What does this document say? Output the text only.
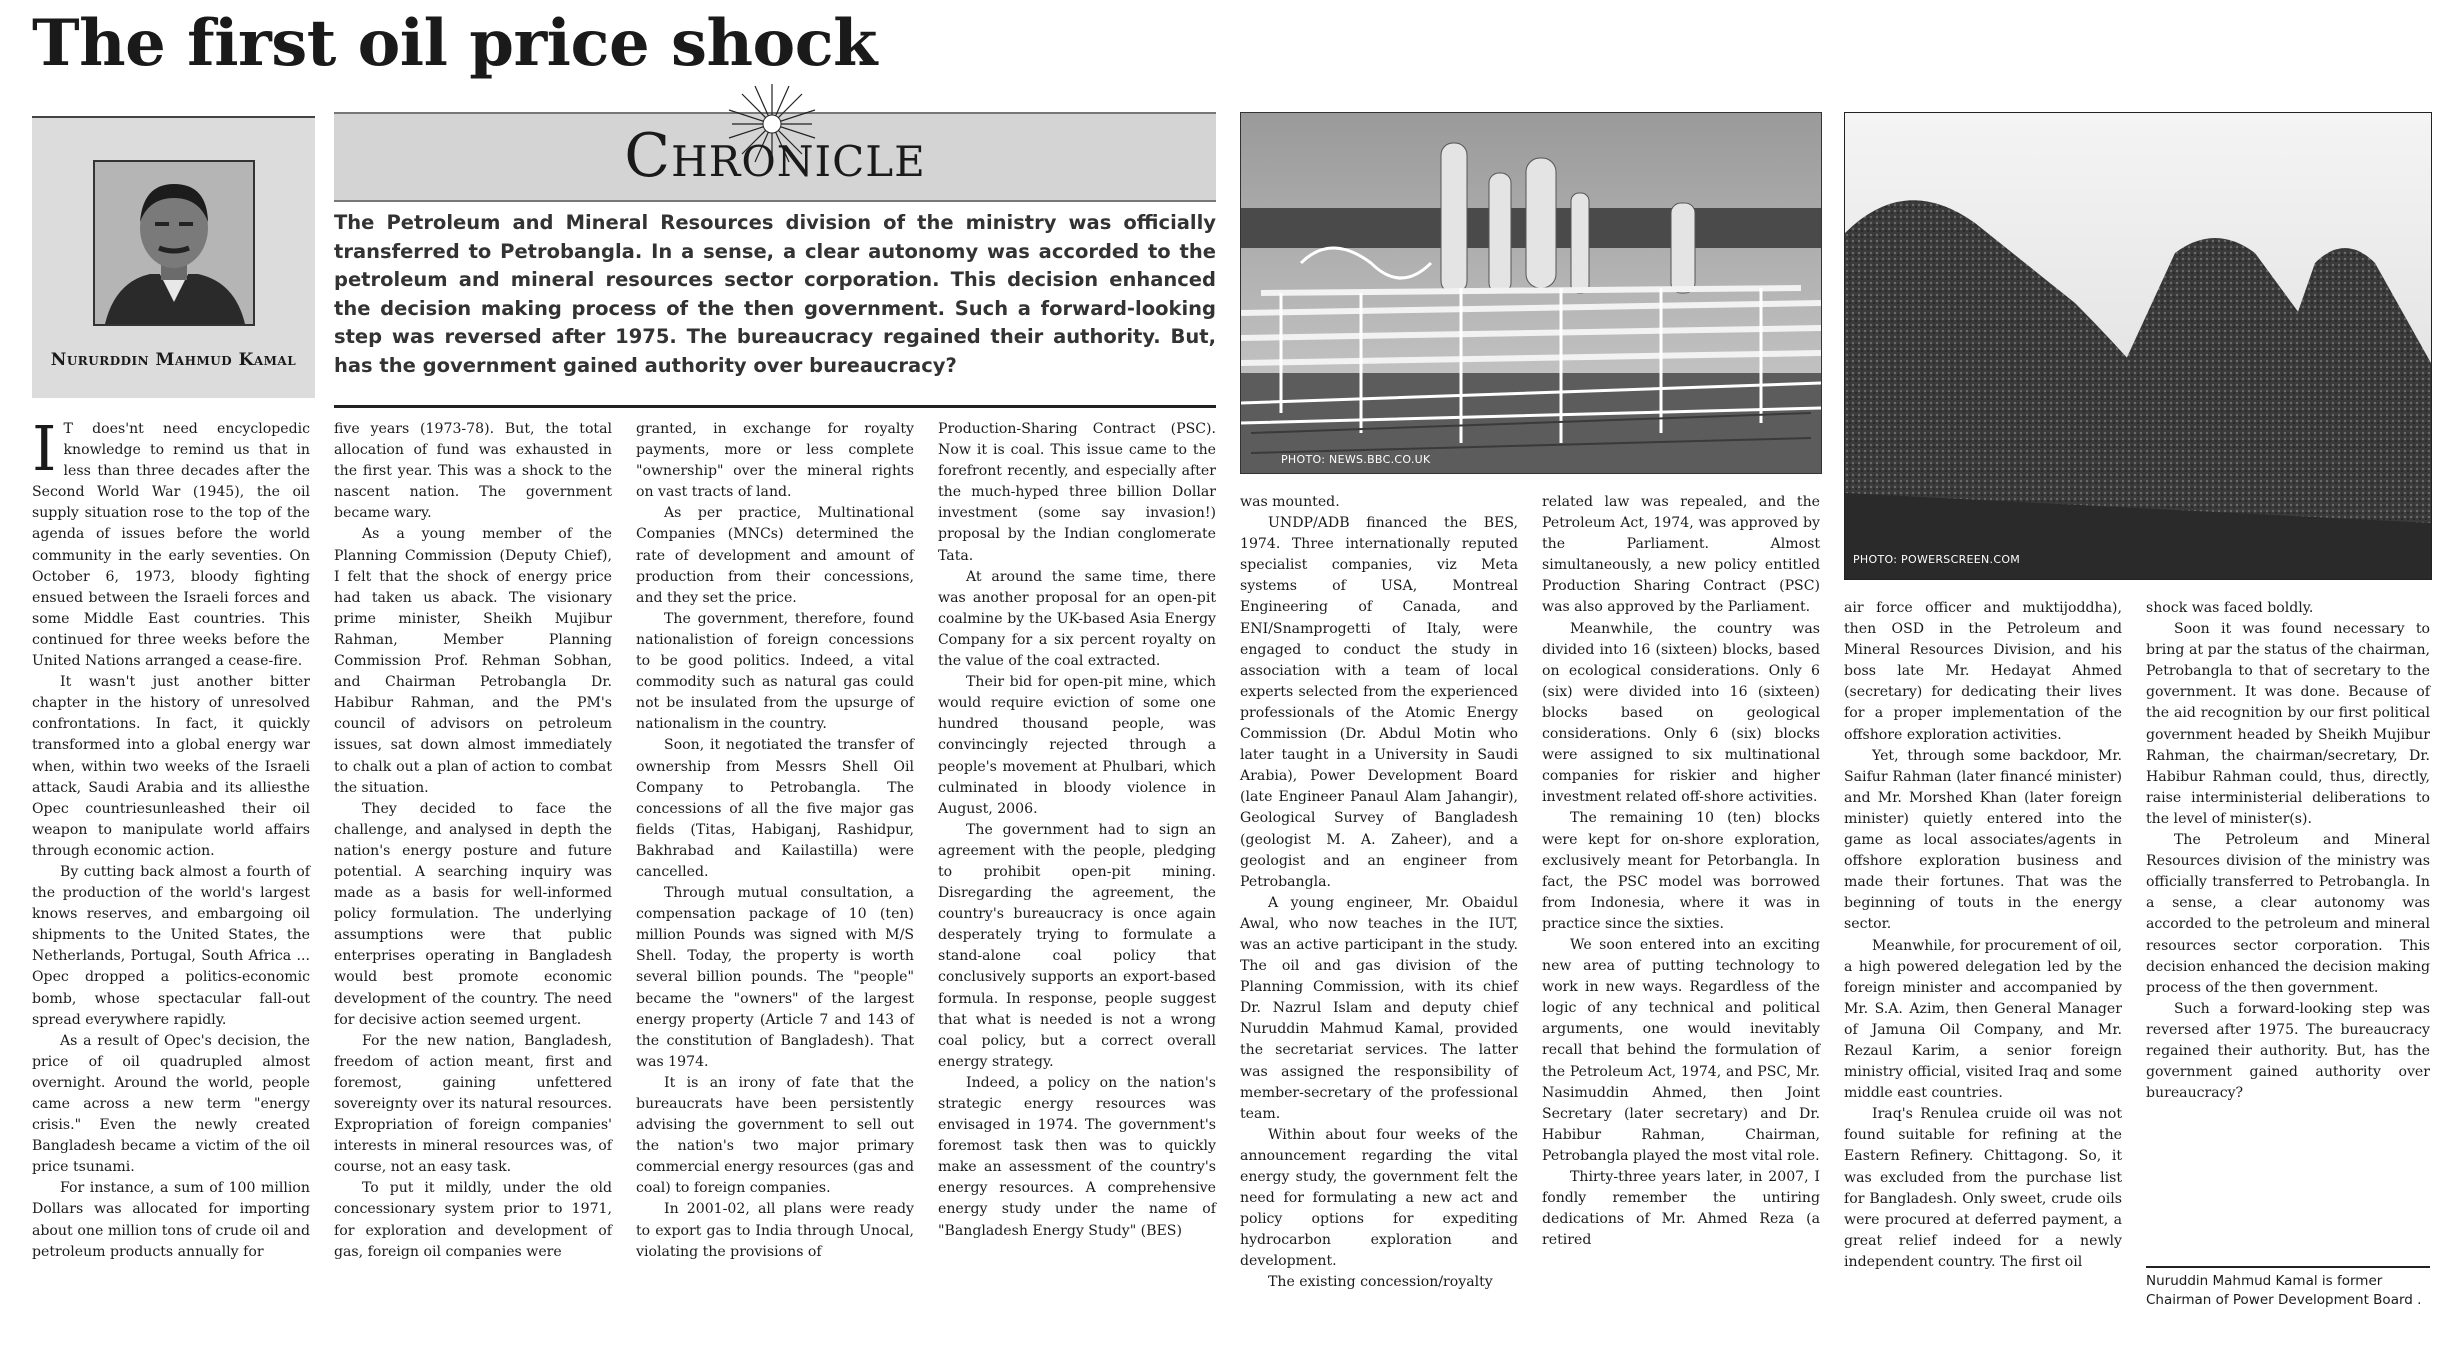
The first oil price shock
Nururddin Mahmud Kamal
Chronicle

The Petroleum and Mineral Resources division of the ministry was officially transferred to Petrobangla. In a sense, a clear autonomy was accorded to the petroleum and mineral resources sector corporation. This decision enhanced the decision making process of the then government. Such a forward-looking step was reversed after 1975. The bureaucracy regained their authority. But, has the government gained authority over bureaucracy?

PHOTO: NEWS.BBC.CO.UK
PHOTO: POWERSCREEN.COM

I T does'nt need encyclopedic knowledge to remind us that in less than three decades after the Second World War (1945), the oil supply situation rose to the top of the agenda of issues before the world community in the early seventies. On October 6, 1973, bloody fighting ensued between the Israeli forces and some Middle East countries. This continued for three weeks before the United Nations arranged a cease-fire.

It wasn't just another bitter chapter in the history of unresolved confrontations. In fact, it quickly transformed into a global energy war when, within two weeks of the Israeli attack, Saudi Arabia and its alliesthe Opec countriesunleashed their oil weapon to manipulate world affairs through economic action.

By cutting back almost a fourth of the production of the world's largest knows reserves, and embargoing oil shipments to the United States, the Netherlands, Portugal, South Africa ... Opec dropped a politics-economic bomb, whose spectacular fall-out spread everywhere rapidly.

As a result of Opec's decision, the price of oil quadrupled almost overnight. Around the world, people came across a new term "energy crisis." Even the newly created Bangladesh became a victim of the oil price tsunami.

For instance, a sum of 100 million Dollars was allocated for importing about one million tons of crude oil and petroleum products annually for

five years (1973-78). But, the total allocation of fund was exhausted in the first year. This was a shock to the nascent nation. The government became wary.

As a young member of the Planning Commission (Deputy Chief), I felt that the shock of energy price had taken us aback. The visionary prime minister, Sheikh Mujibur Rahman, Member Planning Commission Prof. Rehman Sobhan, and Chairman Petrobangla Dr. Habibur Rahman, and the PM's council of advisors on petroleum issues, sat down almost immediately to chalk out a plan of action to combat the situation.

They decided to face the challenge, and analysed in depth the nation's energy posture and future potential. A searching inquiry was made as a basis for well-informed policy formulation. The underlying assumptions were that public enterprises operating in Bangladesh would best promote economic development of the country. The need for decisive action seemed urgent.

For the new nation, Bangladesh, freedom of action meant, first and foremost, gaining unfettered sovereignty over its natural resources. Expropriation of foreign companies' interests in mineral resources was, of course, not an easy task.

To put it mildly, under the old concessionary system prior to 1971, for exploration and development of gas, foreign oil companies were

granted, in exchange for royalty payments, more or less complete "ownership" over the mineral rights on vast tracts of land.

As per practice, Multinational Companies (MNCs) determined the rate of development and amount of production from their concessions, and they set the price.

The government, therefore, found nationalistion of foreign concessions to be good politics. Indeed, a vital commodity such as natural gas could not be insulated from the upsurge of nationalism in the country.

Soon, it negotiated the transfer of ownership from Messrs Shell Oil Company to Petrobangla. The concessions of all the five major gas fields (Titas, Habiganj, Rashidpur, Bakhrabad and Kailastilla) were cancelled.

Through mutual consultation, a compensation package of 10 (ten) million Pounds was signed with M/S Shell. Today, the property is worth several billion pounds. The "people" became the "owners" of the largest energy property (Article 7 and 143 of the constitution of Bangladesh). That was 1974.

It is an irony of fate that the bureaucrats have been persistently advising the government to sell out the nation's two major primary commercial energy resources (gas and coal) to foreign companies.

In 2001-02, all plans were ready to export gas to India through Unocal, violating the provisions of

Production-Sharing Contract (PSC). Now it is coal. This issue came to the forefront recently, and especially after the much-hyped three billion Dollar investment (some say invasion!) proposal by the Indian conglomerate Tata.

At around the same time, there was another proposal for an open-pit coalmine by the UK-based Asia Energy Company for a six percent royalty on the value of the coal extracted.

Their bid for open-pit mine, which would require eviction of some one hundred thousand people, was convincingly rejected through a people's movement at Phulbari, which culminated in bloody violence in August, 2006.

The government had to sign an agreement with the people, pledging to prohibit open-pit mining. Disregarding the agreement, the country's bureaucracy is once again desperately trying to formulate a stand-alone coal policy that conclusively supports an export-based formula. In response, people suggest that what is needed is not a wrong coal policy, but a correct overall energy strategy.

Indeed, a policy on the nation's strategic energy resources was envisaged in 1974. The government's foremost task then was to quickly make an assessment of the country's energy resources. A comprehensive energy study under the name of "Bangladesh Energy Study" (BES)

was mounted.

UNDP/ADB financed the BES, 1974. Three internationally reputed specialist companies, viz Meta systems of USA, Montreal Engineering of Canada, and ENI/Snamprogetti of Italy, were engaged to conduct the study in association with a team of local experts selected from the experienced professionals of the Atomic Energy Commission (Dr. Abdul Motin who later taught in a University in Saudi Arabia), Power Development Board (late Engineer Panaul Alam Jahangir), Geological Survey of Bangladesh (geologist M. A. Zaheer), and a geologist and an engineer from Petrobangla.

A young engineer, Mr. Obaidul Awal, who now teaches in the IUT, was an active participant in the study. The oil and gas division of the Planning Commission, with its chief Dr. Nazrul Islam and deputy chief Nuruddin Mahmud Kamal, provided the secretariat services. The latter was assigned the responsibility of member-secretary of the professional team.

Within about four weeks of the announcement regarding the vital energy study, the government felt the need for formulating a new act and policy options for expediting hydrocarbon exploration and development.

The existing concession/royalty

related law was repealed, and the Petroleum Act, 1974, was approved by the Parliament. Almost simultaneously, a new policy entitled Production Sharing Contract (PSC) was also approved by the Parliament.

Meanwhile, the country was divided into 16 (sixteen) blocks, based on ecological considerations. Only 6 (six) were divided into 16 (sixteen) blocks based on geological considerations. Only 6 (six) blocks were assigned to six multinational companies for riskier and higher investment related off-shore activities.

The remaining 10 (ten) blocks were kept for on-shore exploration, exclusively meant for Petorbangla. In fact, the PSC model was borrowed from Indonesia, where it was in practice since the sixties.

We soon entered into an exciting new area of putting technology to work in new ways. Regardless of the logic of any technical and political arguments, one would inevitably recall that behind the formulation of the Petroleum Act, 1974, and PSC, Mr. Nasimuddin Ahmed, then Joint Secretary (later secretary) and Dr. Habibur Rahman, Chairman, Petrobangla played the most vital role.

Thirty-three years later, in 2007, I fondly remember the untiring dedications of Mr. Ahmed Reza (a retired

air force officer and muktijoddha), then OSD in the Petroleum and Mineral Resources Division, and his boss late Mr. Hedayat Ahmed (secretary) for dedicating their lives for a proper implementation of the offshore exploration activities.

Yet, through some backdoor, Mr. Saifur Rahman (later financé minister) and Mr. Morshed Khan (later foreign minister) quietly entered into the game as local associates/agents in offshore exploration business and made their fortunes. That was the beginning of touts in the energy sector.

Meanwhile, for procurement of oil, a high powered delegation led by the foreign minister and accompanied by Mr. S.A. Azim, then General Manager of Jamuna Oil Company, and Mr. Rezaul Karim, a senior foreign ministry official, visited Iraq and some middle east countries.

Iraq's Renulea cruide oil was not found suitable for refining at the Eastern Refinery. Chittagong. So, it was excluded from the purchase list for Bangladesh. Only sweet, crude oils were procured at deferred payment, a great relief indeed for a newly independent country. The first oil

shock was faced boldly.

Soon it was found necessary to bring at par the status of the chairman, Petrobangla to that of secretary to the government. It was done. Because of the aid recognition by our first political government headed by Sheikh Mujibur Rahman, the chairman/secretary, Dr. Habibur Rahman could, thus, directly, raise interministerial deliberations to the level of minister(s).

The Petroleum and Mineral Resources division of the ministry was officially transferred to Petrobangla. In a sense, a clear autonomy was accorded to the petroleum and mineral resources sector corporation. This decision enhanced the decision making process of the then government.

Such a forward-looking step was reversed after 1975. The bureaucracy regained their authority. But, has the government gained authority over bureaucracy?

Nuruddin Mahmud Kamal is former Chairman of Power Development Board .
